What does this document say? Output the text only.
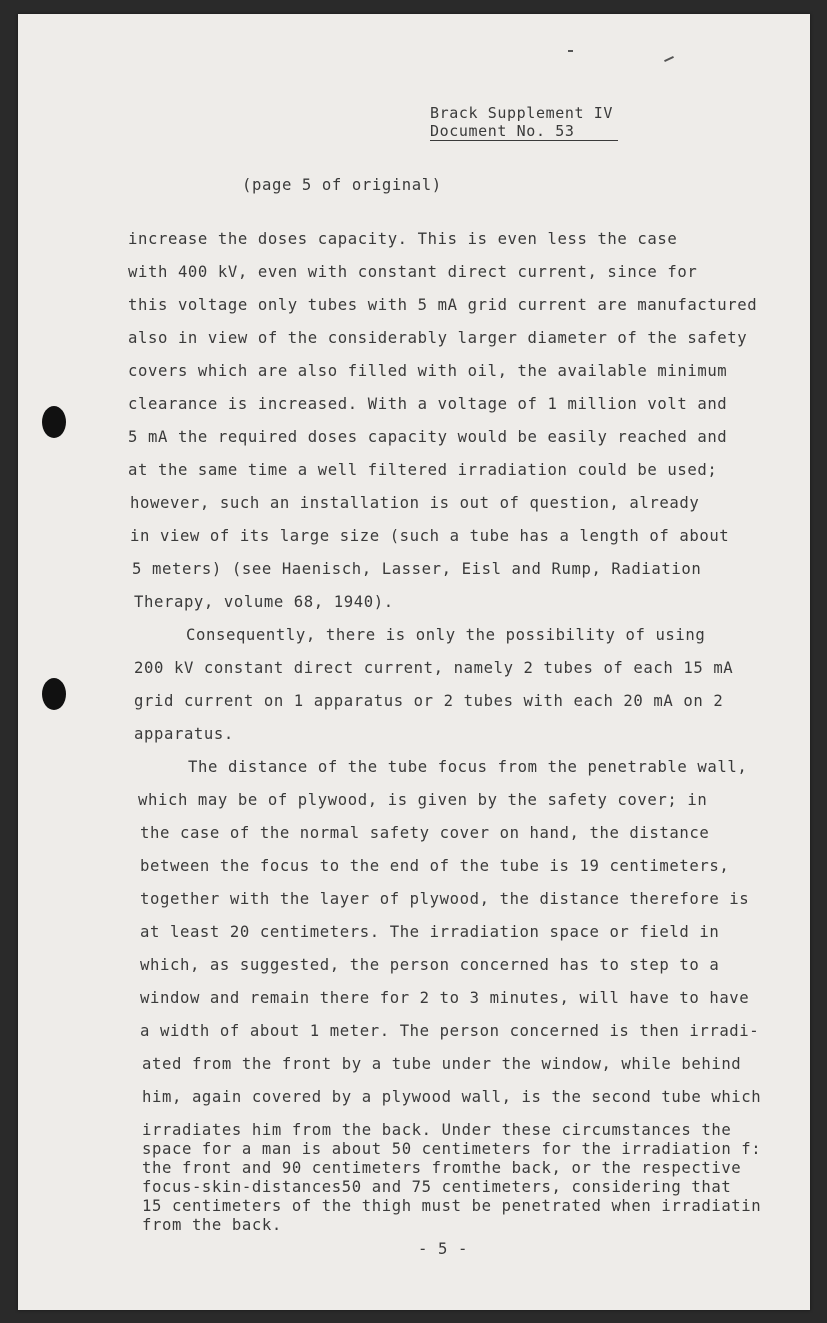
Brack Supplement IV
Document No. 53
(page 5 of original)
increase the doses capacity. This is even less the case
with 400 kV, even with constant direct current, since for
this voltage only tubes with 5 mA grid current are manufactured
also in view of the considerably larger diameter of the safety
covers which are also filled with oil, the available minimum
clearance is increased. With a voltage of 1 million volt and
5 mA the required doses capacity would be easily reached and
at the same time a well filtered irradiation could be used;
however, such an installation is out of question, already
in view of its large size (such a tube has a length of about
5 meters) (see Haenisch, Lasser, Eisl and Rump, Radiation
Therapy, volume 68, 1940).
Consequently, there is only the possibility of using
200 kV constant direct current, namely 2 tubes of each 15 mA
grid current on 1 apparatus or 2 tubes with each 20 mA on 2
apparatus.
The distance of the tube focus from the penetrable wall,
which may be of plywood, is given by the safety cover; in
the case of the normal safety cover on hand, the distance
between the focus to the end of the tube is 19 centimeters,
together with the layer of plywood, the distance therefore is
at least 20 centimeters. The irradiation space or field in
which, as suggested, the person concerned has to step to a
window and remain there for 2 to 3 minutes, will have to have
a width of about 1 meter. The person concerned is then irradi-
ated from the front by a tube under the window, while behind
him, again covered by a plywood wall, is the second tube which
irradiates him from the back. Under these circumstances the
space for a man is about 50 centimeters for the irradiation f:
the front and 90 centimeters fromthe back, or the respective
focus-skin-distances50 and 75 centimeters, considering that
15 centimeters of the thigh must be penetrated when irradiatin
from the back.
- 5 -
